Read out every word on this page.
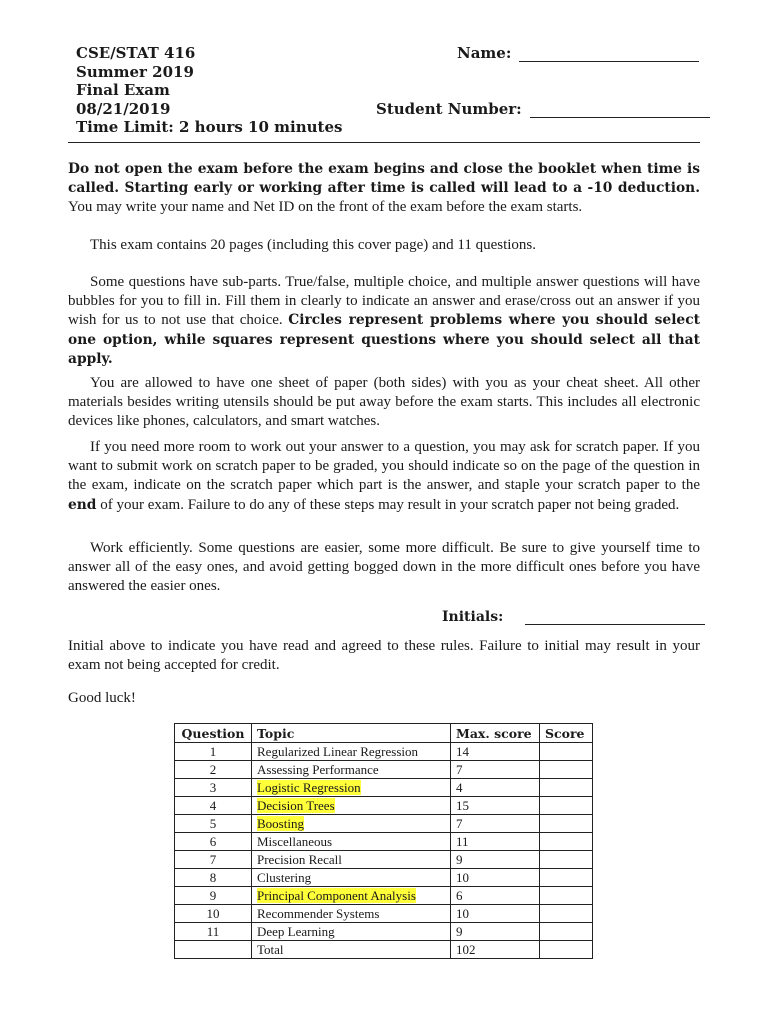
CSE/STAT 416
Summer 2019
Final Exam
08/21/2019
Time Limit: 2 hours 10 minutes
Name:
Student Number:
Do not open the exam before the exam begins and close the booklet when time is called. Starting early or working after time is called will lead to a -10 deduction. You may write your name and Net ID on the front of the exam before the exam starts.
This exam contains 20 pages (including this cover page) and 11 questions.
Some questions have sub-parts. True/false, multiple choice, and multiple answer questions will have bubbles for you to fill in. Fill them in clearly to indicate an answer and erase/cross out an answer if you wish for us to not use that choice. Circles represent problems where you should select one option, while squares represent questions where you should select all that apply.
You are allowed to have one sheet of paper (both sides) with you as your cheat sheet. All other materials besides writing utensils should be put away before the exam starts. This includes all electronic devices like phones, calculators, and smart watches.
If you need more room to work out your answer to a question, you may ask for scratch paper. If you want to submit work on scratch paper to be graded, you should indicate so on the page of the question in the exam, indicate on the scratch paper which part is the answer, and staple your scratch paper to the end of your exam. Failure to do any of these steps may result in your scratch paper not being graded.
Work efficiently. Some questions are easier, some more difficult. Be sure to give yourself time to answer all of the easy ones, and avoid getting bogged down in the more difficult ones before you have answered the easier ones.
Initials:
Initial above to indicate you have read and agreed to these rules. Failure to initial may result in your exam not being accepted for credit.
Good luck!
Question	Topic	Max. score	Score
1	Regularized Linear Regression	14	
2	Assessing Performance	7	
3	Logistic Regression	4	
4	Decision Trees	15	
5	Boosting	7	
6	Miscellaneous	11	
7	Precision Recall	9	
8	Clustering	10	
9	Principal Component Analysis	6	
10	Recommender Systems	10	
11	Deep Learning	9	
	Total	102	
